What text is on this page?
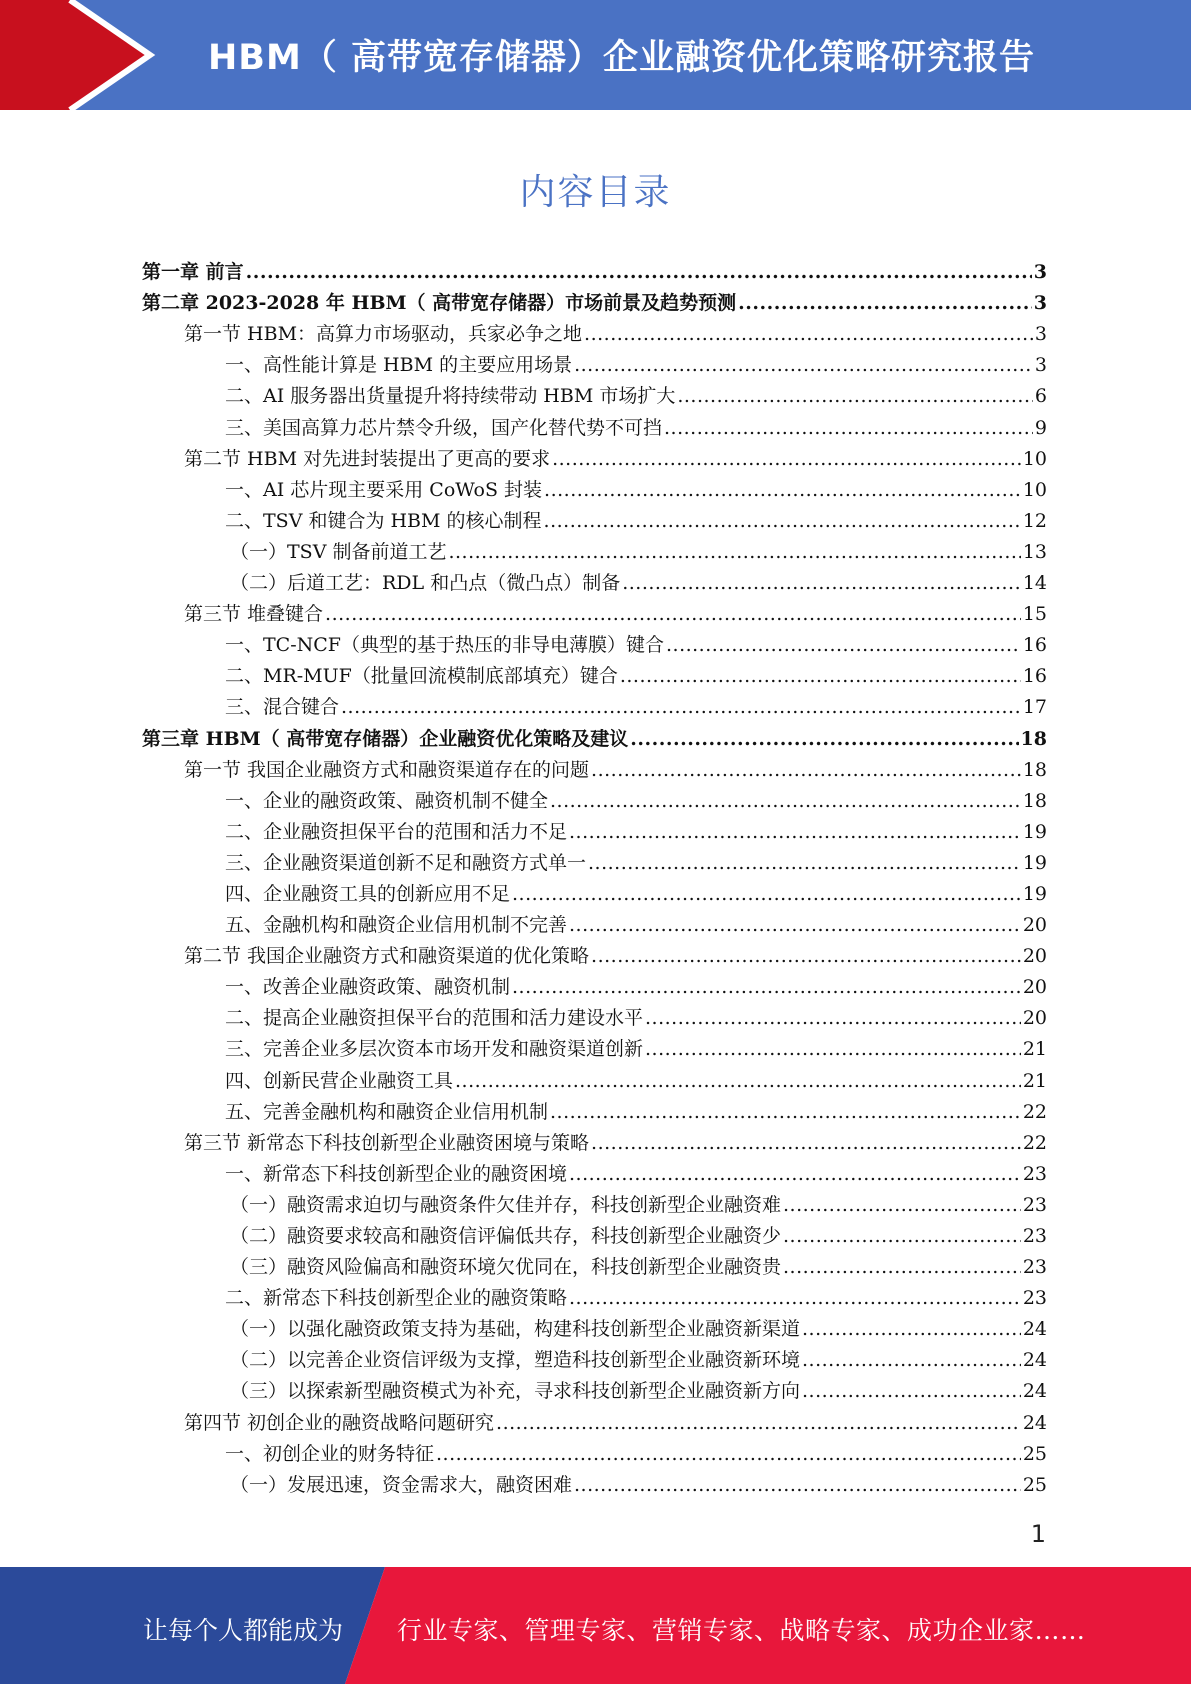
HBM（ 高带宽存储器）企业融资优化策略研究报告
内容目录
第一章 前言 .....	3
第二章 2023-2028 年 HBM（ 高带宽存储器）市场前景及趋势预测 .....	3
第一节 HBM：高算力市场驱动，兵家必争之地 .....	3
一、高性能计算是 HBM 的主要应用场景 .....	3
二、AI 服务器出货量提升将持续带动 HBM 市场扩大 .....	6
三、美国高算力芯片禁令升级，国产化替代势不可挡 .....	9
第二节 HBM 对先进封装提出了更高的要求 .....	10
一、AI 芯片现主要采用 CoWoS 封装 .....	10
二、TSV 和键合为 HBM 的核心制程 .....	12
（一）TSV 制备前道工艺 .....	13
（二）后道工艺：RDL 和凸点（微凸点）制备 .....	14
第三节 堆叠键合 .....	15
一、TC-NCF（典型的基于热压的非导电薄膜）键合 .....	16
二、MR-MUF（批量回流模制底部填充）键合 .....	16
三、混合键合 .....	17
第三章 HBM（ 高带宽存储器）企业融资优化策略及建议 .....	18
第一节 我国企业融资方式和融资渠道存在的问题 .....	18
一、企业的融资政策、融资机制不健全 .....	18
二、企业融资担保平台的范围和活力不足 .....	19
三、企业融资渠道创新不足和融资方式单一 .....	19
四、企业融资工具的创新应用不足 .....	19
五、金融机构和融资企业信用机制不完善 .....	20
第二节 我国企业融资方式和融资渠道的优化策略 .....	20
一、改善企业融资政策、融资机制 .....	20
二、提高企业融资担保平台的范围和活力建设水平 .....	20
三、完善企业多层次资本市场开发和融资渠道创新 .....	21
四、创新民营企业融资工具 .....	21
五、完善金融机构和融资企业信用机制 .....	22
第三节 新常态下科技创新型企业融资困境与策略 .....	22
一、新常态下科技创新型企业的融资困境 .....	23
（一）融资需求迫切与融资条件欠佳并存，科技创新型企业融资难 .....	23
（二）融资要求较高和融资信评偏低共存，科技创新型企业融资少 .....	23
（三）融资风险偏高和融资环境欠优同在，科技创新型企业融资贵 .....	23
二、新常态下科技创新型企业的融资策略 .....	23
（一）以强化融资政策支持为基础，构建科技创新型企业融资新渠道 .....	24
（二）以完善企业资信评级为支撑，塑造科技创新型企业融资新环境 .....	24
（三）以探索新型融资模式为补充，寻求科技创新型企业融资新方向 .....	24
第四节 初创企业的融资战略问题研究 .....	24
一、初创企业的财务特征 .....	25
（一）发展迅速，资金需求大，融资困难 .....	25
1
让每个人都能成为 行业专家、管理专家、营销专家、战略专家、成功企业家……
